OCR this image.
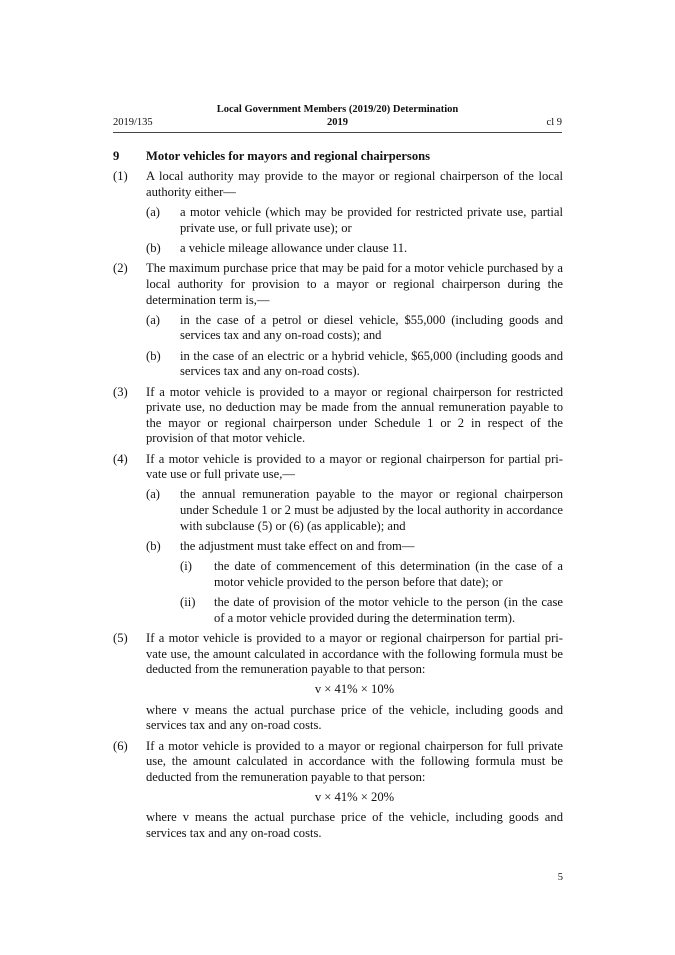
Local Government Members (2019/20) Determination
2019
2019/135	cl 9
9	Motor vehicles for mayors and regional chairpersons
(1)	A local authority may provide to the mayor or regional chairperson of the local authority either—
(a)	a motor vehicle (which may be provided for restricted private use, partial private use, or full private use); or
(b)	a vehicle mileage allowance under clause 11.
(2)	The maximum purchase price that may be paid for a motor vehicle purchased by a local authority for provision to a mayor or regional chairperson during the determination term is,—
(a)	in the case of a petrol or diesel vehicle, $55,000 (including goods and services tax and any on-road costs); and
(b)	in the case of an electric or a hybrid vehicle, $65,000 (including goods and services tax and any on-road costs).
(3)	If a motor vehicle is provided to a mayor or regional chairperson for restricted private use, no deduction may be made from the annual remuneration payable to the mayor or regional chairperson under Schedule 1 or 2 in respect of the provision of that motor vehicle.
(4)	If a motor vehicle is provided to a mayor or regional chairperson for partial private use or full private use,—
(a)	the annual remuneration payable to the mayor or regional chairperson under Schedule 1 or 2 must be adjusted by the local authority in accordance with subclause (5) or (6) (as applicable); and
(b)	the adjustment must take effect on and from—
(i)	the date of commencement of this determination (in the case of a motor vehicle provided to the person before that date); or
(ii)	the date of provision of the motor vehicle to the person (in the case of a motor vehicle provided during the determination term).
(5)	If a motor vehicle is provided to a mayor or regional chairperson for partial private use, the amount calculated in accordance with the following formula must be deducted from the remuneration payable to that person:
v × 41% × 10%
where v means the actual purchase price of the vehicle, including goods and services tax and any on-road costs.
(6)	If a motor vehicle is provided to a mayor or regional chairperson for full private use, the amount calculated in accordance with the following formula must be deducted from the remuneration payable to that person:
v × 41% × 20%
where v means the actual purchase price of the vehicle, including goods and services tax and any on-road costs.
5
